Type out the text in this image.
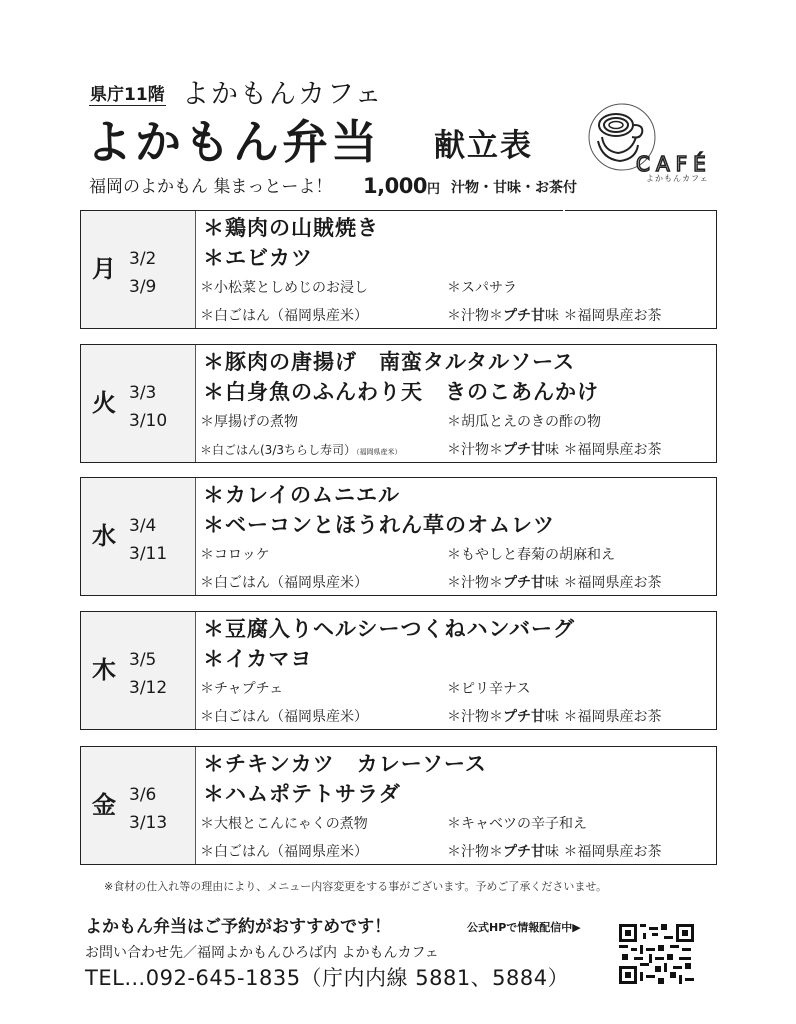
県庁11階 よかもんカフェ
よかもん弁当 献立表
福岡のよかもん 集まっとーよ！ 1,000円 汁物・甘味・お茶付
CAFÉ
よかもんカフェ
月 3/2
3/9
＊鶏肉の山賊焼き
＊エビカツ
＊小松菜としめじのお浸し	＊スパサラ
＊白ごはん（福岡県産米）	＊汁物＊プチ甘味 ＊福岡県産お茶
火 3/3
3/10
＊豚肉の唐揚げ　南蛮タルタルソース
＊白身魚のふんわり天　きのこあんかけ
＊厚揚げの煮物	＊胡瓜とえのきの酢の物
＊白ごはん(3/3ちらし寿司）（福岡県産米）	＊汁物＊プチ甘味 ＊福岡県産お茶
水 3/4
3/11
＊カレイのムニエル
＊ベーコンとほうれん草のオムレツ
＊コロッケ	＊もやしと春菊の胡麻和え
＊白ごはん（福岡県産米）	＊汁物＊プチ甘味 ＊福岡県産お茶
木 3/5
3/12
＊豆腐入りヘルシーつくねハンバーグ
＊イカマヨ
＊チャプチェ	＊ピリ辛ナス
＊白ごはん（福岡県産米）	＊汁物＊プチ甘味 ＊福岡県産お茶
金 3/6
3/13
＊チキンカツ　カレーソース
＊ハムポテトサラダ
＊大根とこんにゃくの煮物	＊キャベツの辛子和え
＊白ごはん（福岡県産米）	＊汁物＊プチ甘味 ＊福岡県産お茶
※食材の仕入れ等の理由により、メニュー内容変更をする事がございます。予めご了承くださいませ。
よかもん弁当はご予約がおすすめです！	公式HPで情報配信中▶
お問い合わせ先／福岡よかもんひろば内 よかもんカフェ
TEL…092-645-1835（庁内内線 5881、5884）
